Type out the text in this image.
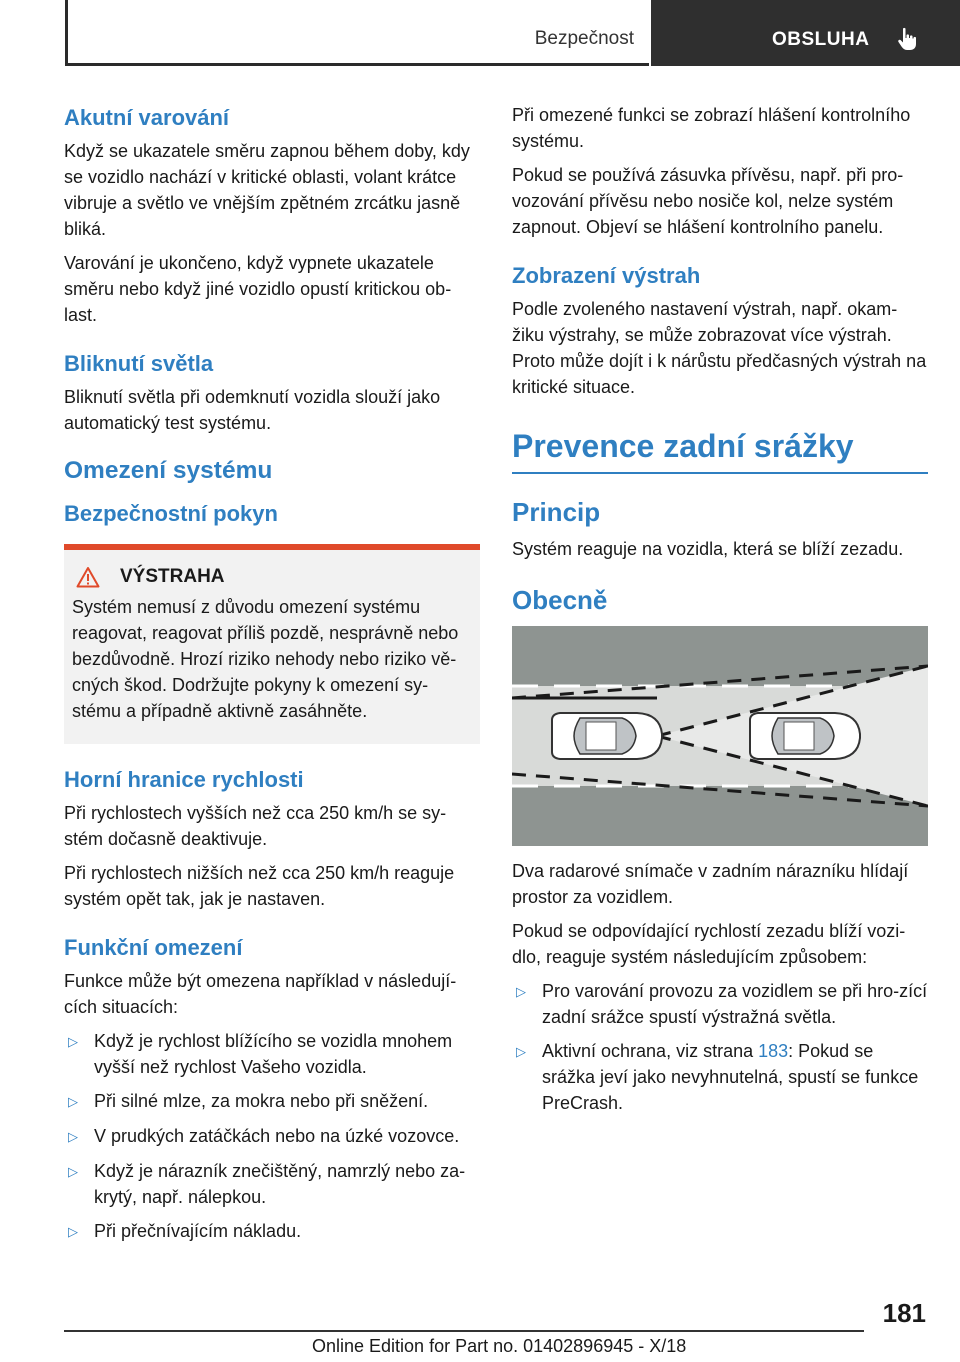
Bezpečnost	OBSLUHA
Akutní varování

Když se ukazatele směru zapnou během doby, kdy se vozidlo nachází v kritické oblasti, volant krátce vibruje a světlo ve vnějším zpětném zrcátku jasně bliká.

Varování je ukončeno, když vypnete ukazatele směru nebo když jiné vozidlo opustí kritickou ob‐last.

Bliknutí světla

Bliknutí světla při odemknutí vozidla slouží jako automatický test systému.

Omezení systému
Bezpečnostní pokyn
VÝSTRAHA

Systém nemusí z důvodu omezení systému reagovat, reagovat příliš pozdě, nesprávně nebo bezdůvodně. Hrozí riziko nehody nebo riziko vě‐cných škod. Dodržujte pokyny k omezení sy‐stému a případně aktivně zasáhněte.

Horní hranice rychlosti

Při rychlostech vyšších než cca 250 km/h se sy‐stém dočasně deaktivuje.

Při rychlostech nižších než cca 250 km/h reaguje systém opět tak, jak je nastaven.

Funkční omezení

Funkce může být omezena například v následují‐cích situacích:

▷ Když je rychlost blížícího se vozidla mnohem vyšší než rychlost Vašeho vozidla.
▷ Při silné mlze, za mokra nebo při sněžení.
▷ V prudkých zatáčkách nebo na úzké vozovce.
▷ Když je nárazník znečištěný, namrzlý nebo za‐krytý, např. nálepkou.
▷ Při přečnívajícím nákladu.

Při omezené funkci se zobrazí hlášení kontrolního systému.

Pokud se používá zásuvka přívěsu, např. při pro‐vozování přívěsu nebo nosiče kol, nelze systém zapnout. Objeví se hlášení kontrolního panelu.

Zobrazení výstrah

Podle zvoleného nastavení výstrah, např. okam‐žiku výstrahy, se může zobrazovat více výstrah. Proto může dojít i k nárůstu předčasných výstrah na kritické situace.

Prevence zadní srážky
Princip

Systém reaguje na vozidla, která se blíží zezadu.

Obecně

Dva radarové snímače v zadním nárazníku hlídají prostor za vozidlem.

Pokud se odpovídající rychlostí zezadu blíží vozi‐dlo, reaguje systém následujícím způsobem:

▷ Pro varování provozu za vozidlem se při hro‐zící zadní srážce spustí výstražná světla.
▷ Aktivní ochrana, viz strana 183: Pokud se srážka jeví jako nevyhnutelná, spustí se funkce PreCrash.
181
Online Edition for Part no. 01402896945 - X/18
